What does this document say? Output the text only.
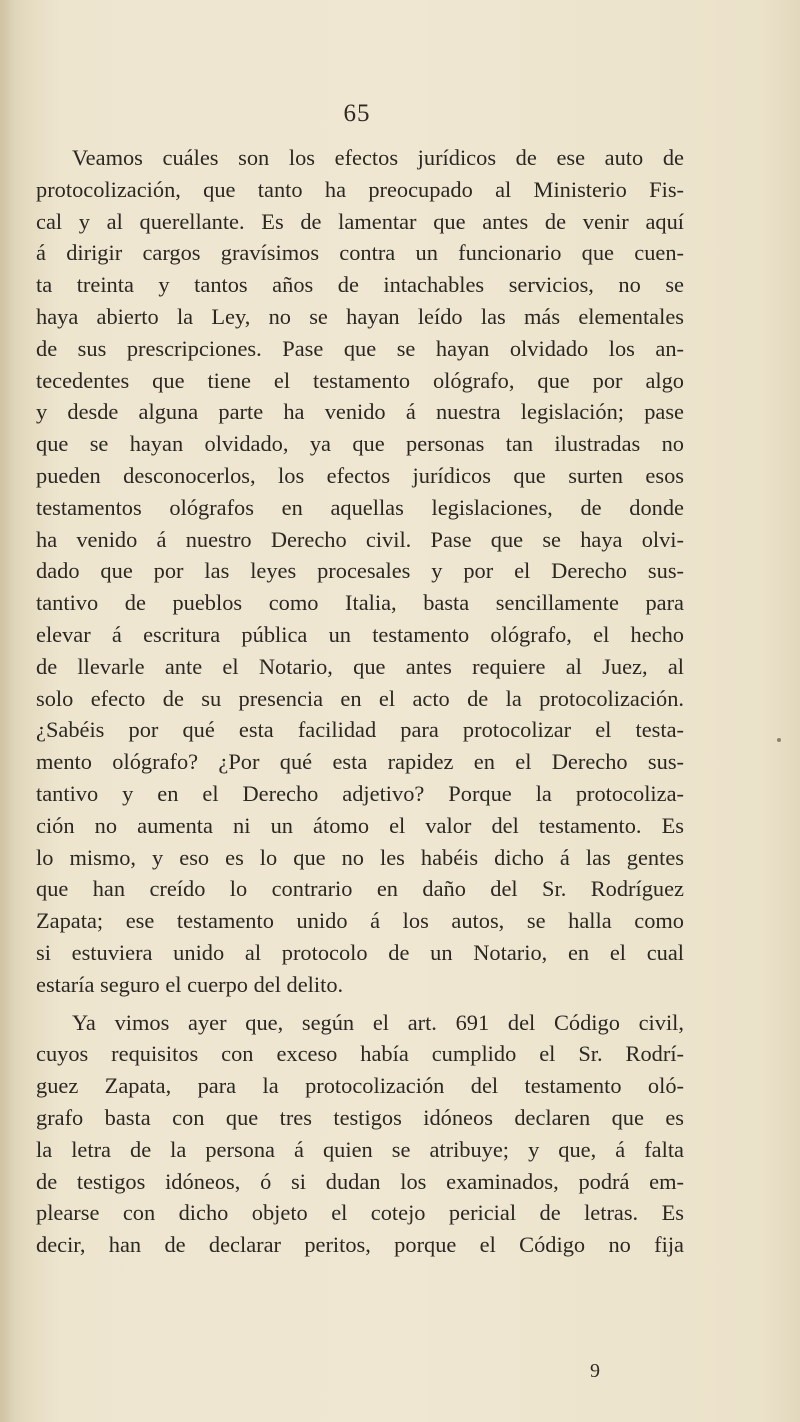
65
Veamos cuáles son los efectos jurídicos de ese auto de
protocolización, que tanto ha preocupado al Ministerio Fis-
cal y al querellante. Es de lamentar que antes de venir aquí
á dirigir cargos gravísimos contra un funcionario que cuen-
ta treinta y tantos años de intachables servicios, no se
haya abierto la Ley, no se hayan leído las más elementales
de sus prescripciones. Pase que se hayan olvidado los an-
tecedentes que tiene el testamento ológrafo, que por algo
y desde alguna parte ha venido á nuestra legislación; pase
que se hayan olvidado, ya que personas tan ilustradas no
pueden desconocerlos, los efectos jurídicos que surten esos
testamentos ológrafos en aquellas legislaciones, de donde
ha venido á nuestro Derecho civil. Pase que se haya olvi-
dado que por las leyes procesales y por el Derecho sus-
tantivo de pueblos como Italia, basta sencillamente para
elevar á escritura pública un testamento ológrafo, el hecho
de llevarle ante el Notario, que antes requiere al Juez, al
solo efecto de su presencia en el acto de la protocolización.
¿Sabéis por qué esta facilidad para protocolizar el testa-
mento ológrafo? ¿Por qué esta rapidez en el Derecho sus-
tantivo y en el Derecho adjetivo? Porque la protocoliza-
ción no aumenta ni un átomo el valor del testamento. Es
lo mismo, y eso es lo que no les habéis dicho á las gentes
que han creído lo contrario en daño del Sr. Rodríguez
Zapata; ese testamento unido á los autos, se halla como
si estuviera unido al protocolo de un Notario, en el cual
estaría seguro el cuerpo del delito.
Ya vimos ayer que, según el art. 691 del Código civil,
cuyos requisitos con exceso había cumplido el Sr. Rodrí-
guez Zapata, para la protocolización del testamento oló-
grafo basta con que tres testigos idóneos declaren que es
la letra de la persona á quien se atribuye; y que, á falta
de testigos idóneos, ó si dudan los examinados, podrá em-
plearse con dicho objeto el cotejo pericial de letras. Es
decir, han de declarar peritos, porque el Código no fija
9
